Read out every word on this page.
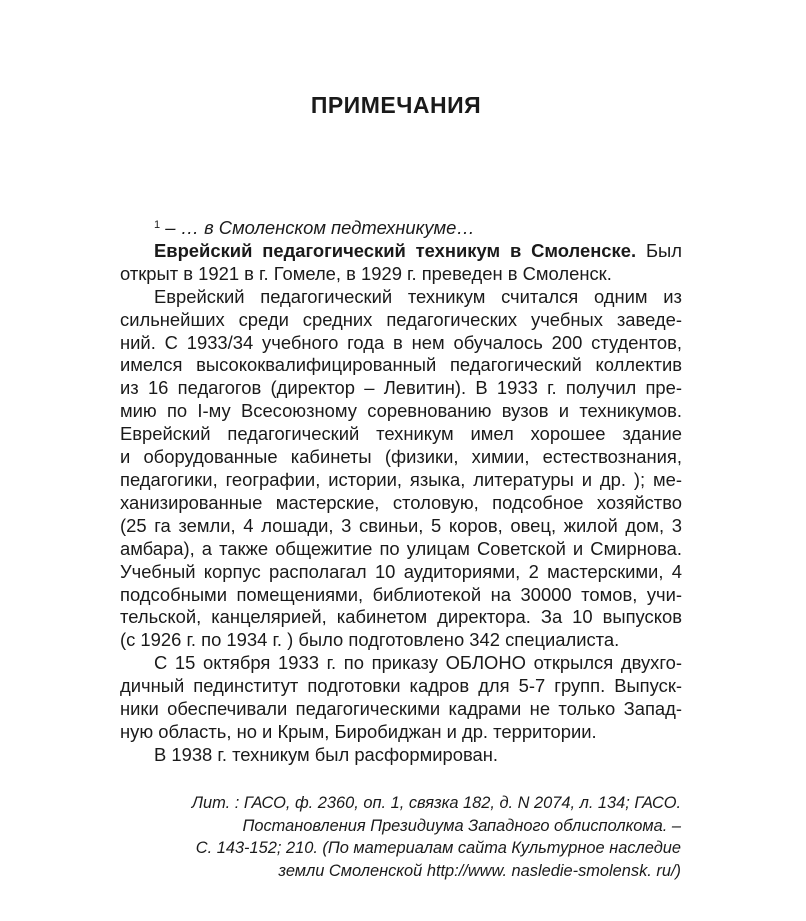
ПРИМЕЧАНИЯ
$^1$ – … в Смоленском педтехникуме…
Еврейский педагогический техникум в Смоленске. Был
открыт в 1921 в г. Гомеле, в 1929 г. преведен в Смоленск.
Еврейский педагогический техникум считался одним из
сильнейших среди средних педагогических учебных заведе-
ний. С 1933/34 учебного года в нем обучалось 200 студентов,
имелся высококвалифицированный педагогический коллектив
из 16 педагогов (директор – Левитин). В 1933 г. получил пре-
мию по I-му Всесоюзному соревнованию вузов и техникумов.
Еврейский педагогический техникум имел хорошее здание
и оборудованные кабинеты (физики, химии, естествознания,
педагогики, географии, истории, языка, литературы и др. ); ме-
ханизированные мастерские, столовую, подсобное хозяйство
(25 га земли, 4 лошади, 3 свиньи, 5 коров, овец, жилой дом, 3
амбара), а также общежитие по улицам Советской и Смирнова.
Учебный корпус располагал 10 аудиториями, 2 мастерскими, 4
подсобными помещениями, библиотекой на 30000 томов, учи-
тельской, канцелярией, кабинетом директора. За 10 выпусков
(с 1926 г. по 1934 г. ) было подготовлено 342 специалиста.
С 15 октября 1933 г. по приказу ОБЛОНО открылся двухго-
дичный пединститут подготовки кадров для 5-7 групп. Выпуск-
ники обеспечивали педагогическими кадрами не только Запад-
ную область, но и Крым, Биробиджан и др. территории.
В 1938 г. техникум был расформирован.
Лит. : ГАСО, ф. 2360, оп. 1, связка 182, д. N 2074, л. 134; ГАСО.
Постановления Президиума Западного облисполкома. –
С. 143-152; 210. (По материалам сайта Культурное наследие
земли Смоленской http://www. nasledie-smolensk. ru/)
